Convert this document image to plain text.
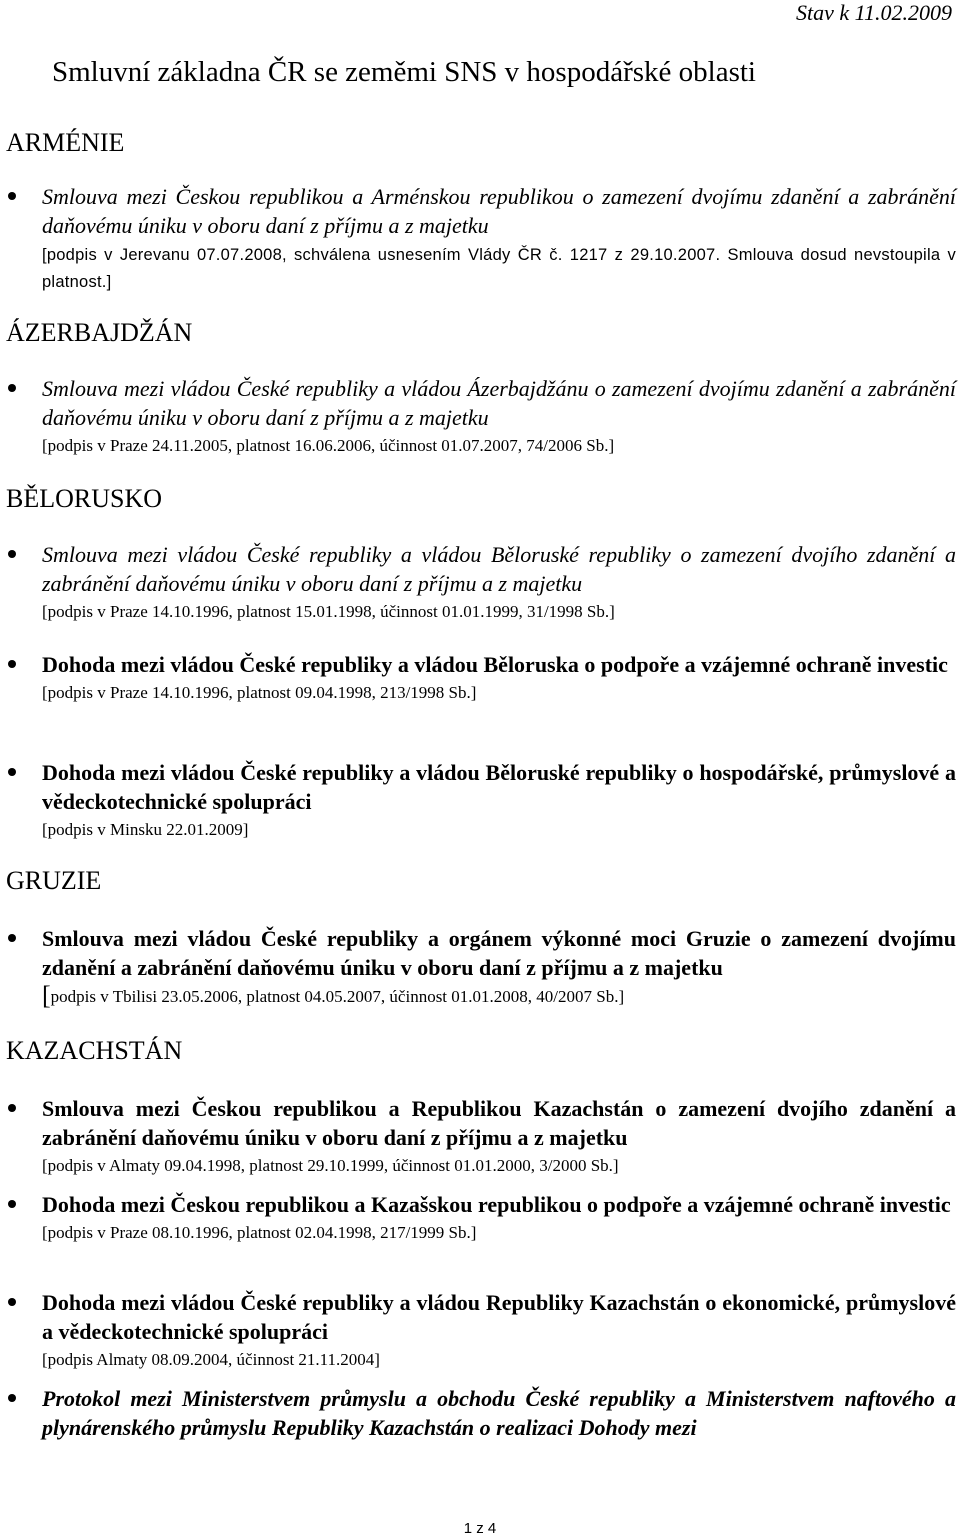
Stav k 11.02.2009
Smluvní základna ČR se zeměmi SNS v hospodářské oblasti
ARMÉNIE
Smlouva mezi Českou republikou a Arménskou republikou o zamezení dvojímu zdanění a zabránění daňovému úniku v oboru daní z příjmu a z majetku
[podpis v Jerevanu 07.07.2008, schválena usnesením Vlády ČR č. 1217 z 29.10.2007. Smlouva dosud nevstoupila v platnost.]
ÁZERBAJDŽÁN
Smlouva mezi vládou České republiky a vládou Ázerbajdžánu o zamezení dvojímu zdanění a zabránění daňovému úniku v oboru daní z příjmu a z majetku
[podpis v Praze 24.11.2005, platnost 16.06.2006, účinnost 01.07.2007, 74/2006 Sb.]
BĚLORUSKO
Smlouva mezi vládou České republiky a vládou Běloruské republiky o zamezení dvojího zdanění a zabránění daňovému úniku v oboru daní z příjmu a z majetku
[podpis v Praze 14.10.1996, platnost 15.01.1998, účinnost 01.01.1999, 31/1998 Sb.]
Dohoda mezi vládou České republiky a vládou Běloruska o podpoře a vzájemné ochraně investic
[podpis v Praze 14.10.1996, platnost 09.04.1998, 213/1998 Sb.]
Dohoda mezi vládou České republiky a vládou Běloruské republiky o hospodářské, průmyslové a vědeckotechnické spolupráci
[podpis v Minsku 22.01.2009]
GRUZIE
Smlouva mezi vládou České republiky a orgánem výkonné moci Gruzie o zamezení dvojímu zdanění a zabránění daňovému úniku v oboru daní z příjmu a z majetku
[podpis v Tbilisi 23.05.2006, platnost 04.05.2007, účinnost 01.01.2008, 40/2007 Sb.]
KAZACHSTÁN
Smlouva mezi Českou republikou a Republikou Kazachstán o zamezení dvojího zdanění a zabránění daňovému úniku v oboru daní z příjmu a z majetku
[podpis v Almaty 09.04.1998, platnost 29.10.1999, účinnost 01.01.2000, 3/2000 Sb.]
Dohoda mezi Českou republikou a Kazašskou republikou o podpoře a vzájemné ochraně investic
[podpis v Praze 08.10.1996, platnost 02.04.1998, 217/1999 Sb.]
Dohoda mezi vládou České republiky a vládou Republiky Kazachstán o ekonomické, průmyslové a vědeckotechnické spolupráci
[podpis Almaty 08.09.2004, účinnost 21.11.2004]
Protokol mezi Ministerstvem průmyslu a obchodu České republiky a Ministerstvem naftového a plynárenského průmyslu Republiky Kazachstán o realizaci Dohody mezi
1 z 4
